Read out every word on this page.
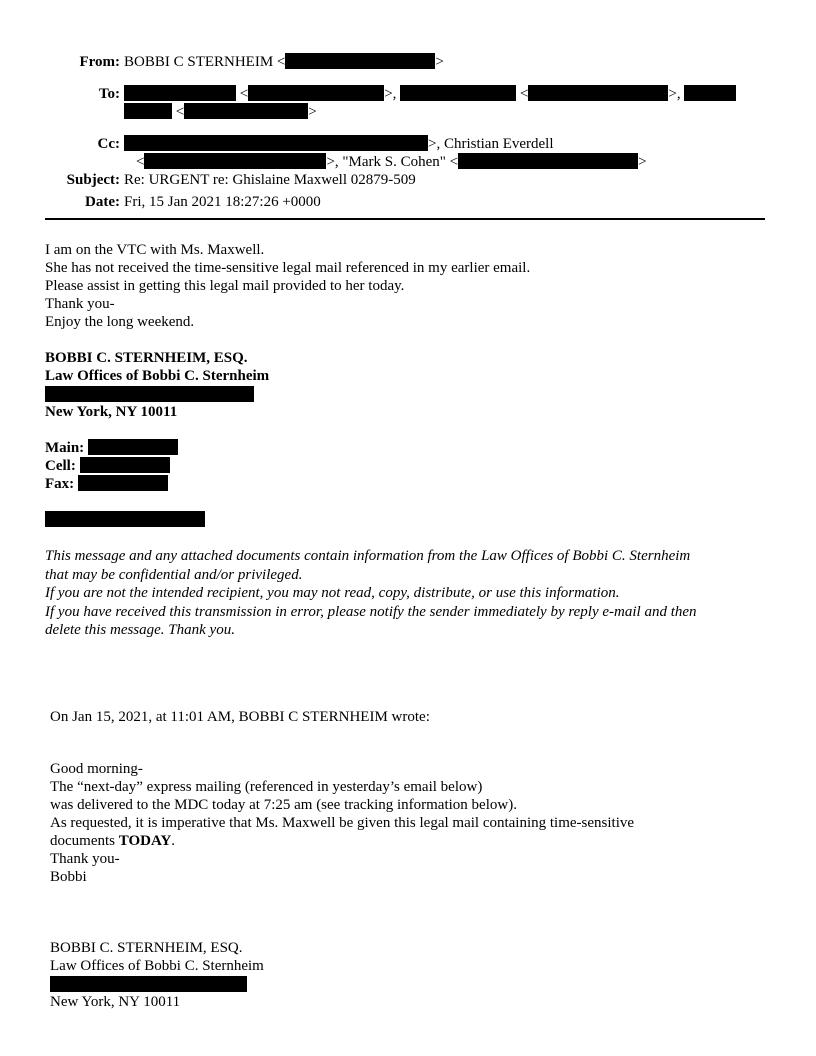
From: BOBBI C STERNHEIM <	>
To:	<	>,	<	>,
<	>
Cc:	>, Christian Everdell
<	>, "Mark S. Cohen" <	>
Subject: Re: URGENT re: Ghislaine Maxwell 02879-509
Date: Fri, 15 Jan 2021 18:27:26 +0000
I am on the VTC with Ms. Maxwell.
She has not received the time-sensitive legal mail referenced in my earlier email.
Please assist in getting this legal mail provided to her today.
Thank you-
Enjoy the long weekend.
BOBBI C. STERNHEIM, ESQ.
Law Offices of Bobbi C. Sternheim
New York, NY 10011
Main:
Cell:
Fax:
This message and any attached documents contain information from the Law Offices of Bobbi C. Sternheim
that may be confidential and/or privileged.
If you are not the intended recipient, you may not read, copy, distribute, or use this information.
If you have received this transmission in error, please notify the sender immediately by reply e-mail and then
delete this message. Thank you.
On Jan 15, 2021, at 11:01 AM, BOBBI C STERNHEIM wrote:
Good morning-
The “next-day” express mailing (referenced in yesterday’s email below)
was delivered to the MDC today at 7:25 am (see tracking information below).
As requested, it is imperative that Ms. Maxwell be given this legal mail containing time-sensitive
documents TODAY.
Thank you-
Bobbi
BOBBI C. STERNHEIM, ESQ.
Law Offices of Bobbi C. Sternheim
New York, NY 10011
